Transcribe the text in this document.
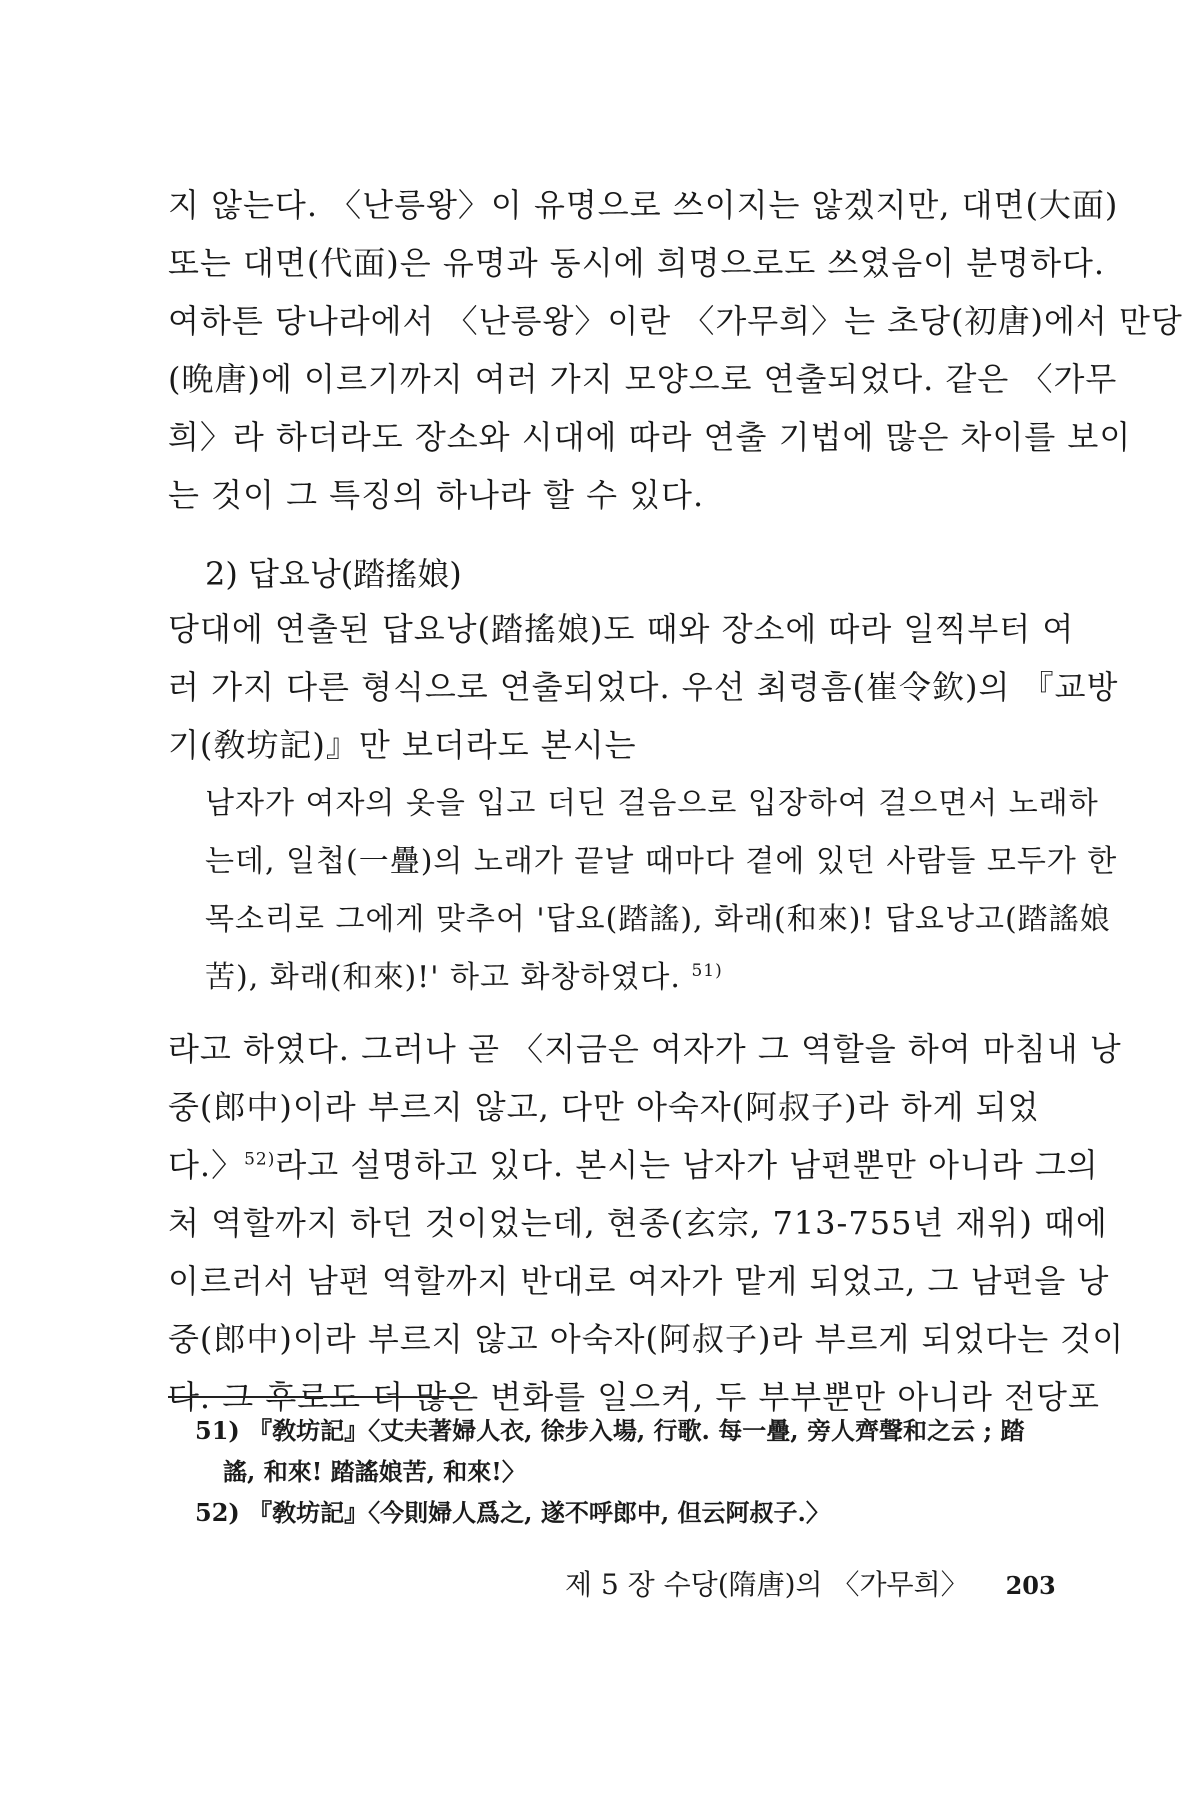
지 않는다. 〈난릉왕〉이 유명으로 쓰이지는 않겠지만, 대면(大面)
또는 대면(代面)은 유명과 동시에 희명으로도 쓰였음이 분명하다.
여하튼 당나라에서 〈난릉왕〉이란 〈가무희〉는 초당(初唐)에서 만당
(晩唐)에 이르기까지 여러 가지 모양으로 연출되었다. 같은 〈가무
희〉라 하더라도 장소와 시대에 따라 연출 기법에 많은 차이를 보이
는 것이 그 특징의 하나라 할 수 있다.
2) 답요낭(踏搖娘)
당대에 연출된 답요낭(踏搖娘)도 때와 장소에 따라 일찍부터 여
러 가지 다른 형식으로 연출되었다. 우선 최령흠(崔令欽)의 『교방
기(敎坊記)』만 보더라도 본시는
남자가 여자의 옷을 입고 더딘 걸음으로 입장하여 걸으면서 노래하
는데, 일첩(一疊)의 노래가 끝날 때마다 곁에 있던 사람들 모두가 한
목소리로 그에게 맞추어 '답요(踏謠), 화래(和來)! 답요낭고(踏謠娘
苦), 화래(和來)!' 하고 화창하였다. $^{51)}$
라고 하였다. 그러나 곧 〈지금은 여자가 그 역할을 하여 마침내 낭
중(郎中)이라 부르지 않고, 다만 아숙자(阿叔子)라 하게 되었
다.〉$^{52)}$라고 설명하고 있다. 본시는 남자가 남편뿐만 아니라 그의
처 역할까지 하던 것이었는데, 현종(玄宗, 713-755년 재위) 때에
이르러서 남편 역할까지 반대로 여자가 맡게 되었고, 그 남편을 낭
중(郎中)이라 부르지 않고 아숙자(阿叔子)라 부르게 되었다는 것이
다. 그 후로도 더 많은 변화를 일으켜, 두 부부뿐만 아니라 전당포
51) 『敎坊記』〈丈夫著婦人衣, 徐步入場, 行歌. 每一疊, 旁人齊聲和之云 ; 踏
謠, 和來! 踏謠娘苦, 和來!〉
52) 『敎坊記』〈今則婦人爲之, 遂不呼郎中, 但云阿叔子.〉
제 5 장 수당(隋唐)의 〈가무희〉 203
